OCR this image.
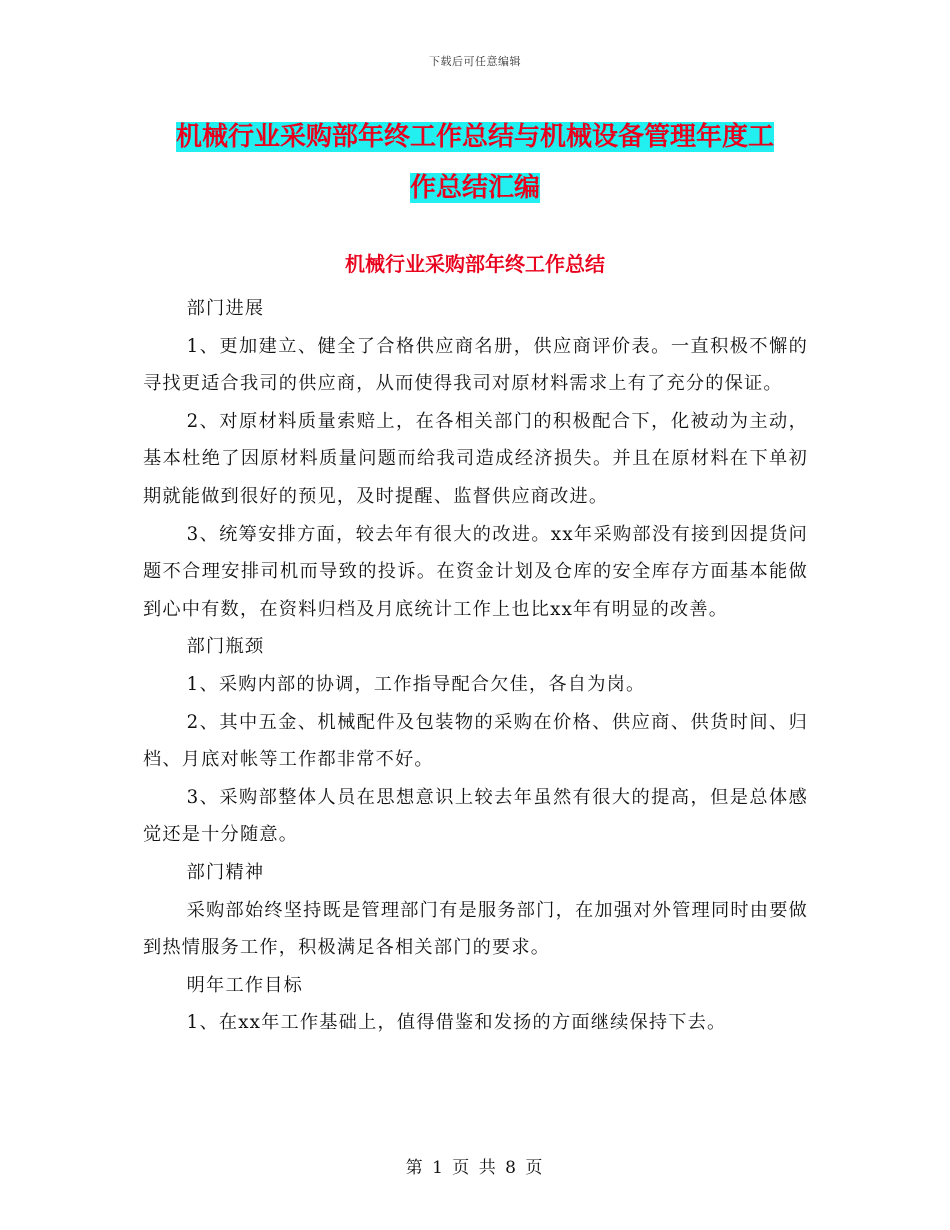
下载后可任意编辑
机械行业采购部年终工作总结与机械设备管理年度工
作总结汇编
机械行业采购部年终工作总结

部门进展

1、更加建立、健全了合格供应商名册，供应商评价表。一直积极不懈的寻找更适合我司的供应商，从而使得我司对原材料需求上有了充分的保证。

2、对原材料质量索赔上，在各相关部门的积极配合下，化被动为主动，基本杜绝了因原材料质量问题而给我司造成经济损失。并且在原材料在下单初期就能做到很好的预见，及时提醒、监督供应商改进。

3、统筹安排方面，较去年有很大的改进。xx年采购部没有接到因提货问题不合理安排司机而导致的投诉。在资金计划及仓库的安全库存方面基本能做到心中有数，在资料归档及月底统计工作上也比xx年有明显的改善。

部门瓶颈

1、采购内部的协调，工作指导配合欠佳，各自为岗。

2、其中五金、机械配件及包装物的采购在价格、供应商、供货时间、归档、月底对帐等工作都非常不好。

3、采购部整体人员在思想意识上较去年虽然有很大的提高，但是总体感觉还是十分随意。

部门精神

采购部始终坚持既是管理部门有是服务部门，在加强对外管理同时由要做到热情服务工作，积极满足各相关部门的要求。

明年工作目标

1、在xx年工作基础上，值得借鉴和发扬的方面继续保持下去。

第 1 页 共 8 页
